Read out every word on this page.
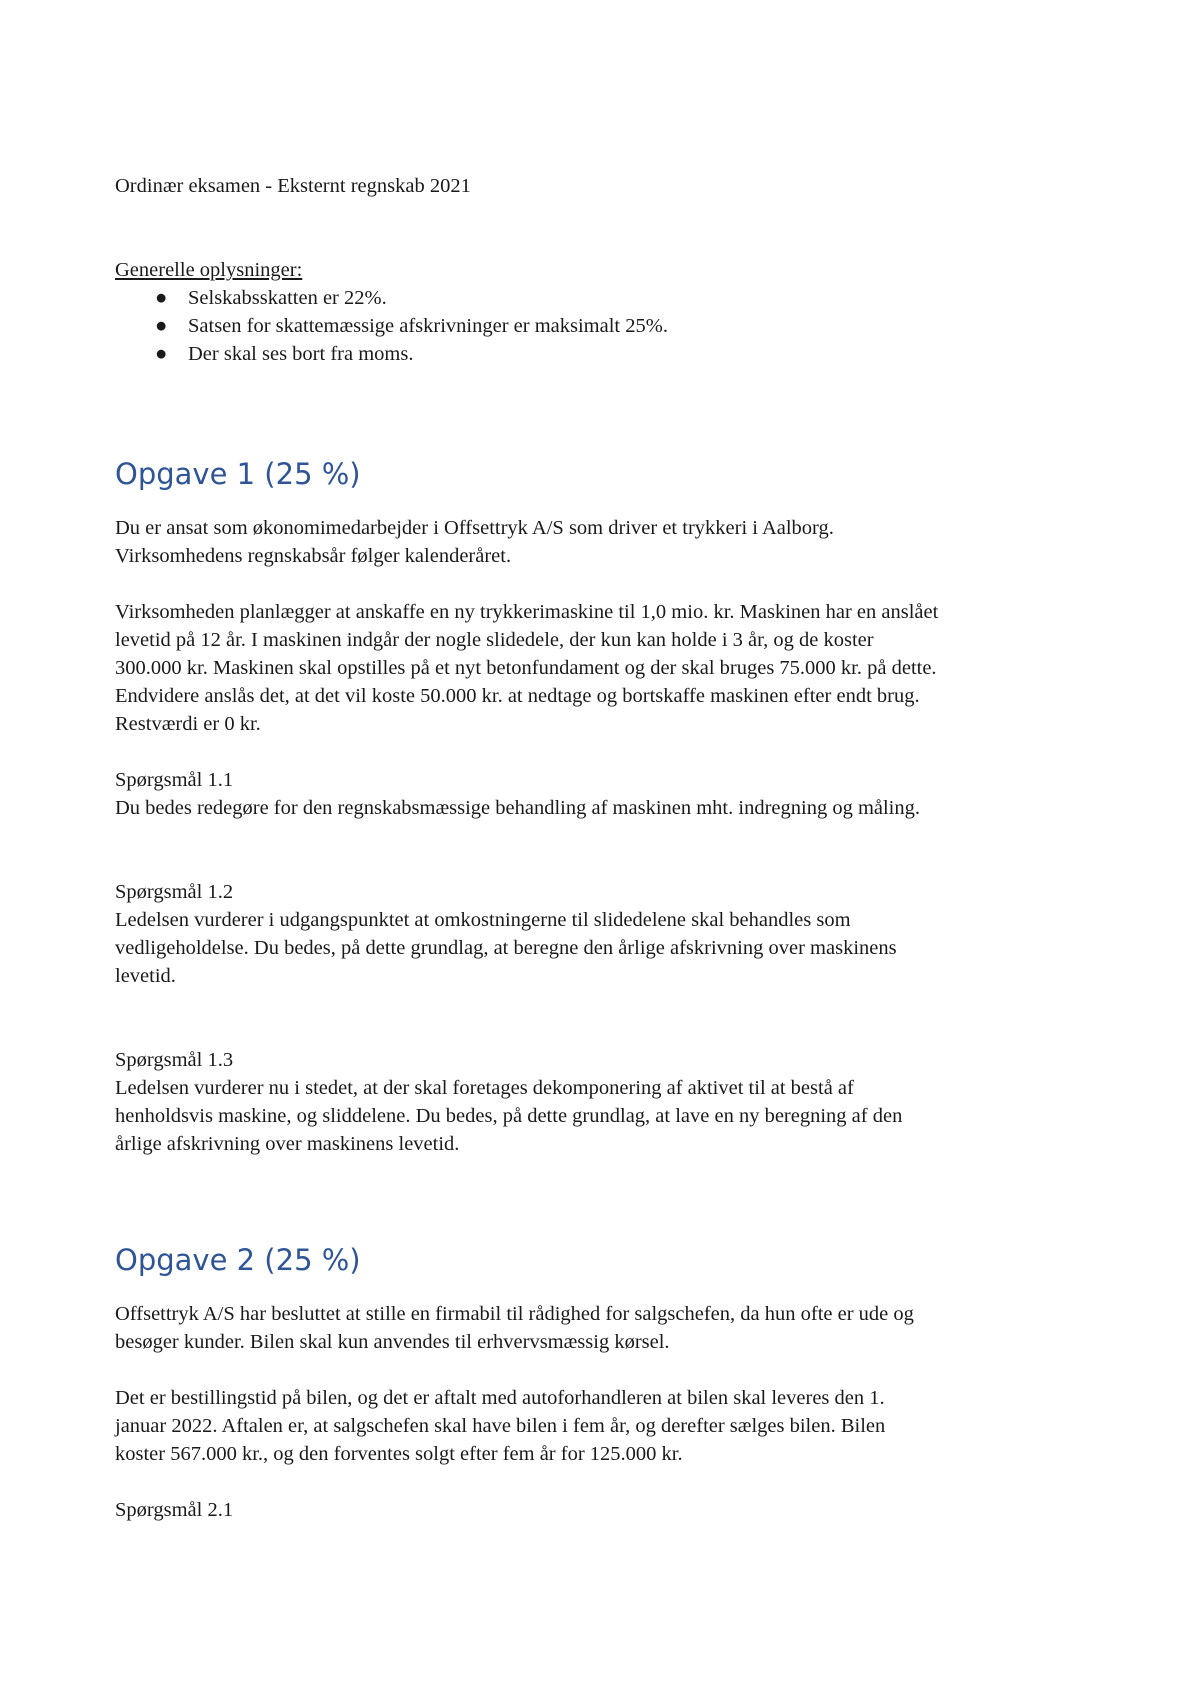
Ordinær eksamen - Eksternt regnskab 2021
Generelle oplysninger:
● Selskabsskatten er 22%.
● Satsen for skattemæssige afskrivninger er maksimalt 25%.
● Der skal ses bort fra moms.
Opgave 1 (25 %)
Du er ansat som økonomimedarbejder i Offsettryk A/S som driver et trykkeri i Aalborg.
Virksomhedens regnskabsår følger kalenderåret.
Virksomheden planlægger at anskaffe en ny trykkerimaskine til 1,0 mio. kr. Maskinen har en anslået
levetid på 12 år. I maskinen indgår der nogle slidedele, der kun kan holde i 3 år, og de koster
300.000 kr. Maskinen skal opstilles på et nyt betonfundament og der skal bruges 75.000 kr. på dette.
Endvidere anslås det, at det vil koste 50.000 kr. at nedtage og bortskaffe maskinen efter endt brug.
Restværdi er 0 kr.
Spørgsmål 1.1
Du bedes redegøre for den regnskabsmæssige behandling af maskinen mht. indregning og måling.
Spørgsmål 1.2
Ledelsen vurderer i udgangspunktet at omkostningerne til slidedelene skal behandles som
vedligeholdelse. Du bedes, på dette grundlag, at beregne den årlige afskrivning over maskinens
levetid.
Spørgsmål 1.3
Ledelsen vurderer nu i stedet, at der skal foretages dekomponering af aktivet til at bestå af
henholdsvis maskine, og sliddelene. Du bedes, på dette grundlag, at lave en ny beregning af den
årlige afskrivning over maskinens levetid.
Opgave 2 (25 %)
Offsettryk A/S har besluttet at stille en firmabil til rådighed for salgschefen, da hun ofte er ude og
besøger kunder. Bilen skal kun anvendes til erhvervsmæssig kørsel.
Det er bestillingstid på bilen, og det er aftalt med autoforhandleren at bilen skal leveres den 1.
januar 2022. Aftalen er, at salgschefen skal have bilen i fem år, og derefter sælges bilen. Bilen
koster 567.000 kr., og den forventes solgt efter fem år for 125.000 kr.
Spørgsmål 2.1
